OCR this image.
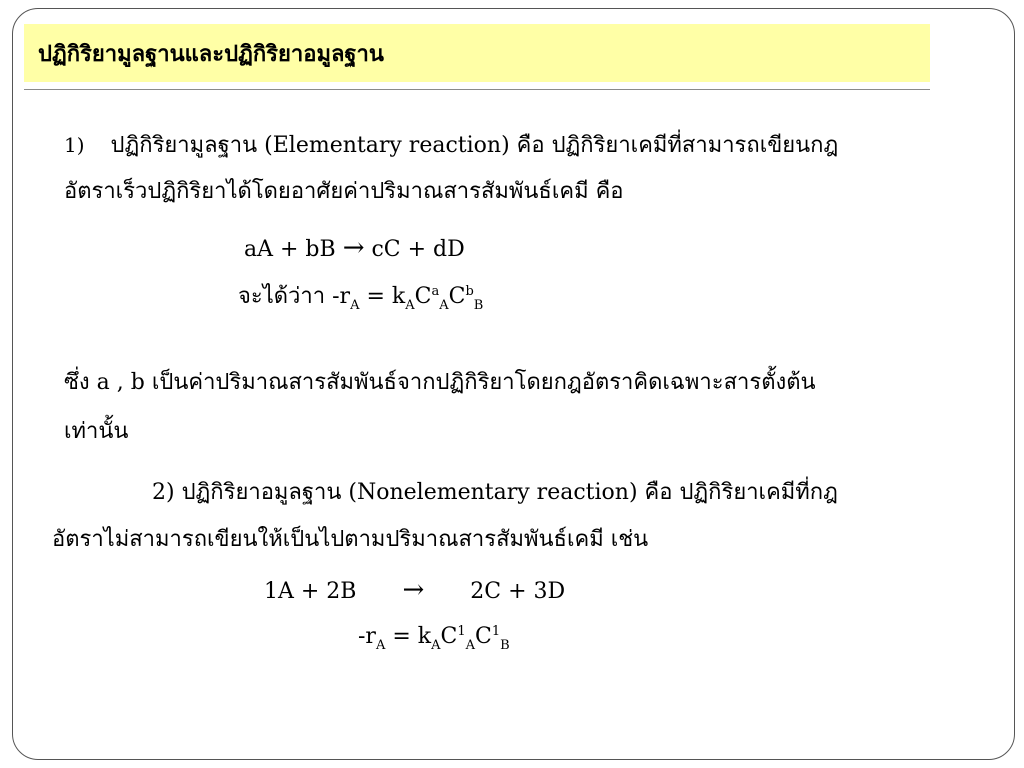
ปฏิกิริยามูลฐานและปฏิกิริยาอมูลฐาน
1) ปฏิกิริยามูลฐาน (Elementary reaction) คือ ปฏิกิริยาเคมีที่สามารถเขียนกฎ
อัตราเร็วปฏิกิริยาได้โดยอาศัยค่าปริมาณสารสัมพันธ์เคมี คือ
aA + bB → cC + dD
จะได้ว่าา $-r_A = k_AC^a_AC^b_B$
ซึ่ง a , b เป็นค่าปริมาณสารสัมพันธ์จากปฏิกิริยาโดยกฎอัตราคิดเฉพาะสารตั้งต้น
เท่านั้น
2) ปฏิกิริยาอมูลฐาน (Nonelementary reaction) คือ ปฏิกิริยาเคมีที่กฎ
อัตราไม่สามารถเขียนให้เป็นไปตามปริมาณสารสัมพันธ์เคมี เช่น
1A + 2B → 2C + 3D
$-r_A = k_AC^1_AC^1_B$
